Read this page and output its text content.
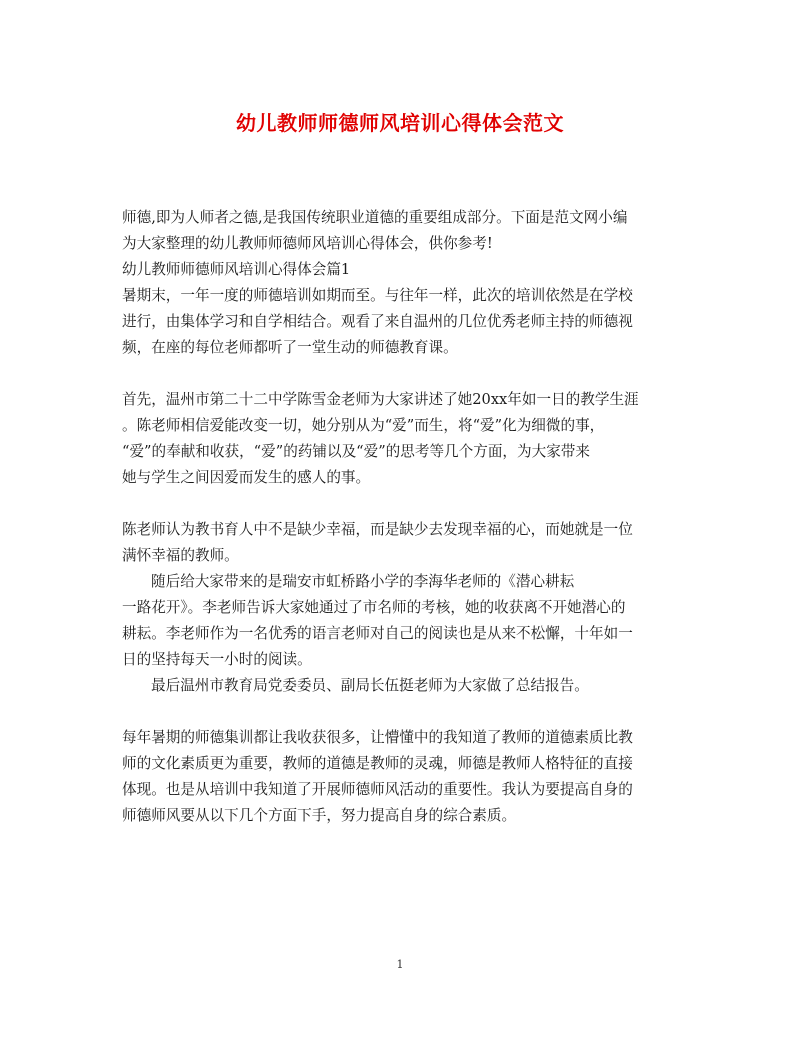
幼儿教师师德师风培训心得体会范文

师德,即为人师者之德,是我国传统职业道德的重要组成部分。下面是范文网小编
为大家整理的幼儿教师师德师风培训心得体会，供你参考!

幼儿教师师德师风培训心得体会篇1

暑期末，一年一度的师德培训如期而至。与往年一样，此次的培训依然是在学校
进行，由集体学习和自学相结合。观看了来自温州的几位优秀老师主持的师德视
频，在座的每位老师都听了一堂生动的师德教育课。

首先，温州市第二十二中学陈雪金老师为大家讲述了她20xx年如一日的教学生涯
。陈老师相信爱能改变一切，她分别从为“爱”而生，将“爱”化为细微的事，
“爱”的奉献和收获，“爱”的药铺以及“爱”的思考等几个方面，为大家带来
她与学生之间因爱而发生的感人的事。

陈老师认为教书育人中不是缺少幸福，而是缺少去发现幸福的心，而她就是一位
满怀幸福的教师。

随后给大家带来的是瑞安市虹桥路小学的李海华老师的《潜心耕耘
一路花开》。李老师告诉大家她通过了市名师的考核，她的收获离不开她潜心的
耕耘。李老师作为一名优秀的语言老师对自己的阅读也是从来不松懈，十年如一
日的坚持每天一小时的阅读。

最后温州市教育局党委委员、副局长伍挺老师为大家做了总结报告。

每年暑期的师德集训都让我收获很多，让懵懂中的我知道了教师的道德素质比教
师的文化素质更为重要，教师的道德是教师的灵魂，师德是教师人格特征的直接
体现。也是从培训中我知道了开展师德师风活动的重要性。我认为要提高自身的
师德师风要从以下几个方面下手，努力提高自身的综合素质。

1
